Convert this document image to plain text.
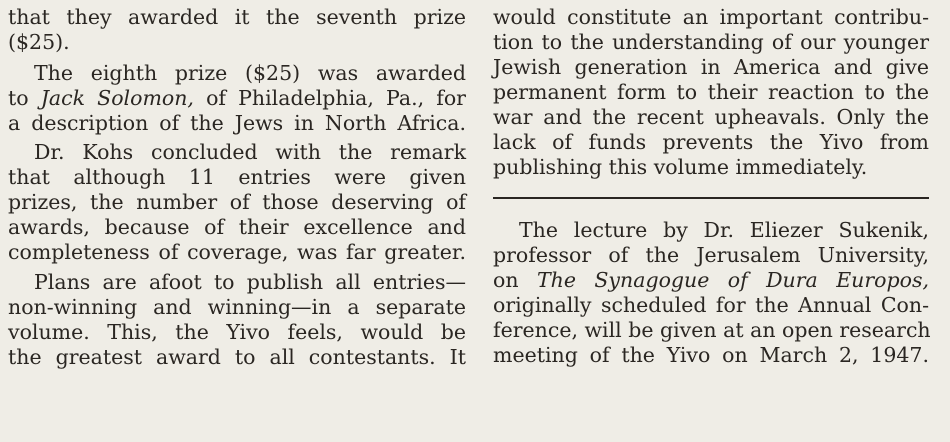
that they awarded it the seventh prize
($25).
The eighth prize ($25) was awarded
to Jack Solomon, of Philadelphia, Pa., for
a description of the Jews in North Africa.
Dr. Kohs concluded with the remark
that although 11 entries were given
prizes, the number of those deserving of
awards, because of their excellence and
completeness of coverage, was far greater.
Plans are afoot to publish all entries—
non-winning and winning—in a separate
volume. This, the Yivo feels, would be
the greatest award to all contestants. It
would constitute an important contribu-
tion to the understanding of our younger
Jewish generation in America and give
permanent form to their reaction to the
war and the recent upheavals. Only the
lack of funds prevents the Yivo from
publishing this volume immediately.
The lecture by Dr. Eliezer Sukenik,
professor of the Jerusalem University,
on The Synagogue of Dura Europos,
originally scheduled for the Annual Con-
ference, will be given at an open research
meeting of the Yivo on March 2, 1947.
